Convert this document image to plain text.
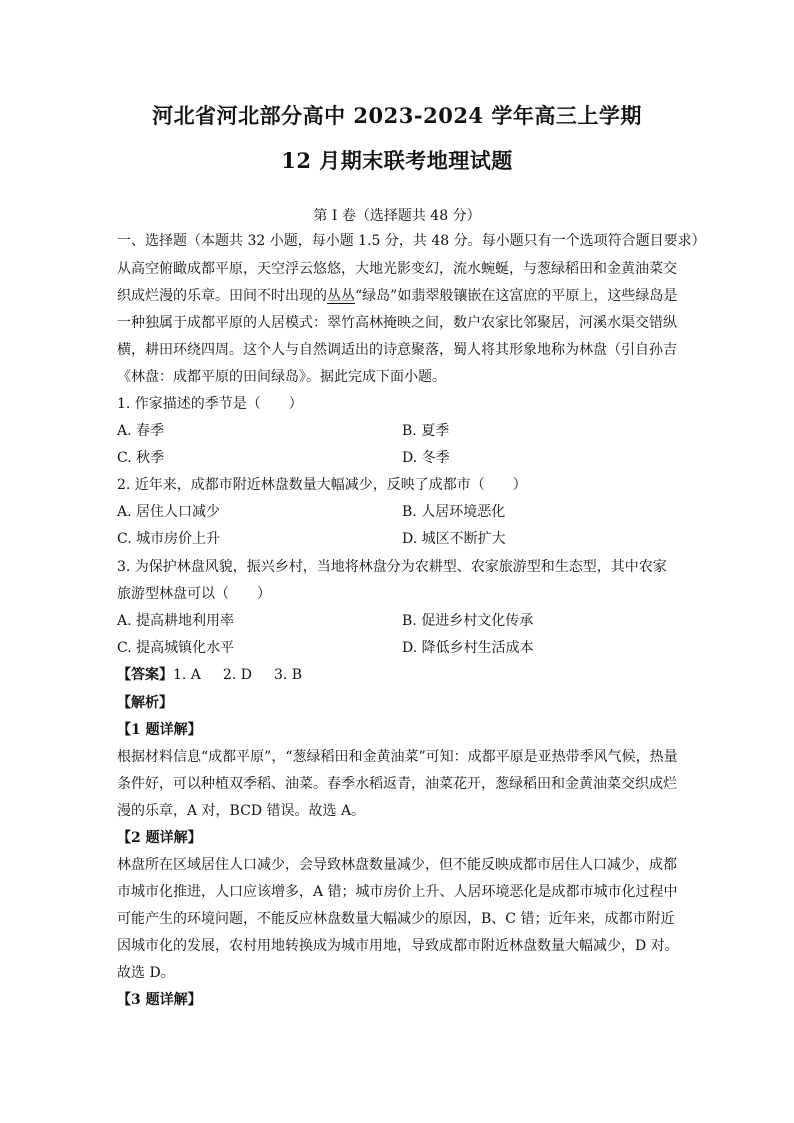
河北省河北部分高中 2023-2024 学年高三上学期
12 月期末联考地理试题
第 I 卷（选择题共 48 分）
一、选择题（本题共 32 小题，每小题 1.5 分，共 48 分。每小题只有一个选项符合题目要求）
从高空俯瞰成都平原，天空浮云悠悠，大地光影变幻，流水蜿蜒，与葱绿稻田和金黄油菜交
织成烂漫的乐章。田间不时出现的丛丛“绿岛”如翡翠般镶嵌在这富庶的平原上，这些绿岛是
一种独属于成都平原的人居模式：翠竹高林掩映之间，数户农家比邻聚居，河溪水渠交错纵
横，耕田环绕四周。这个人与自然调适出的诗意聚落，蜀人将其形象地称为林盘（引自孙吉
《林盘：成都平原的田间绿岛》。据此完成下面小题。
1. 作家描述的季节是（　　）
A. 春季	B. 夏季
C. 秋季	D. 冬季
2. 近年来，成都市附近林盘数量大幅减少，反映了成都市（　　）
A. 居住人口减少	B. 人居环境恶化
C. 城市房价上升	D. 城区不断扩大
3. 为保护林盘风貌，振兴乡村，当地将林盘分为农耕型、农家旅游型和生态型，其中农家
旅游型林盘可以（　　）
A. 提高耕地利用率	B. 促进乡村文化传承
C. 提高城镇化水平	D. 降低乡村生活成本
【答案】1. A 2. D 3. B
【解析】
【1 题详解】
根据材料信息“成都平原”，“葱绿稻田和金黄油菜”可知：成都平原是亚热带季风气候，热量
条件好，可以种植双季稻、油菜。春季水稻返青，油菜花开，葱绿稻田和金黄油菜交织成烂
漫的乐章，A 对，BCD 错误。故选 A。
【2 题详解】
林盘所在区域居住人口减少，会导致林盘数量减少，但不能反映成都市居住人口减少，成都
市城市化推进，人口应该增多，A 错；城市房价上升、人居环境恶化是成都市城市化过程中
可能产生的环境问题，不能反应林盘数量大幅减少的原因，B、C 错；近年来，成都市附近
因城市化的发展，农村用地转换成为城市用地，导致成都市附近林盘数量大幅减少，D 对。
故选 D。
【3 题详解】
